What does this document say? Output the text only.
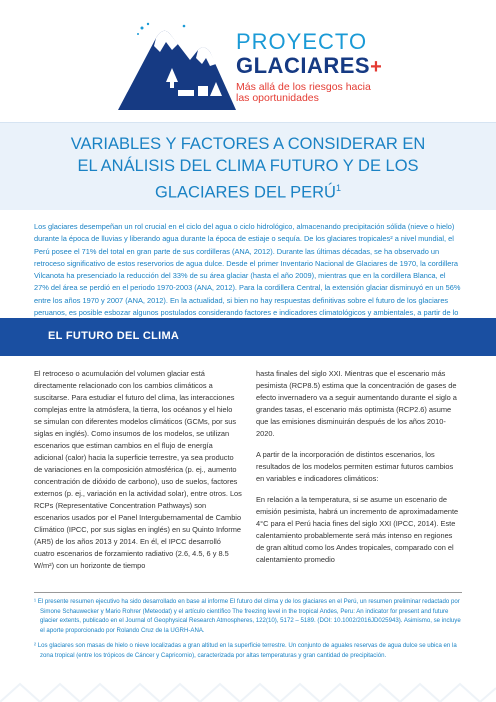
PROYECTO
GLACIARES+
Más allá de los riesgos hacia
las oportunidades
VARIABLES Y FACTORES A CONSIDERAR EN
EL ANÁLISIS DEL CLIMA FUTURO Y DE LOS
GLACIARES DEL PERÚ$^1$
Los glaciares desempeñan un rol crucial en el ciclo del agua o ciclo hidrológico, almacenando precipitación sólida (nieve o hielo) durante la época de lluvias y liberando agua durante la época de estiaje o sequía. De los glaciares tropicales² a nivel mundial, el Perú posee el 71% del total en gran parte de sus cordilleras (ANA, 2012). Durante las últimas décadas, se ha observado un retroceso significativo de estos reservorios de agua dulce. Desde el primer Inventario Nacional de Glaciares de 1970, la cordillera Vilcanota ha presenciado la reducción del 33% de su área glaciar (hasta el año 2009), mientras que en la cordillera Blanca, el 27% del área se perdió en el periodo 1970-2003 (ANA, 2012). Para la cordillera Central, la extensión glaciar disminuyó en un 56% entre los años 1970 y 2007 (ANA, 2012). En la actualidad, si bien no hay respuestas definitivas sobre el futuro de los glaciares peruanos, es posible esbozar algunos postulados considerando factores e indicadores climatológicos y ambientales, a partir de lo
EL FUTURO DEL CLIMA

El retroceso o acumulación del volumen glaciar está directamente relacionado con los cambios climáticos a suscitarse. Para estudiar el futuro del clima, las interacciones complejas entre la atmósfera, la tierra, los océanos y el hielo se simulan con diferentes modelos climáticos (GCMs, por sus siglas en inglés). Como insumos de los modelos, se utilizan escenarios que estiman cambios en el flujo de energía adicional (calor) hacia la superficie terrestre, ya sea producto de variaciones en la composición atmosférica (p. ej., aumento concentración de dióxido de carbono), uso de suelos, factores externos (p. ej., variación en la actividad solar), entre otros. Los RCPs (Representative Concentration Pathways) son escenarios usados por el Panel Intergubernamental de Cambio Climático (IPCC, por sus siglas en inglés) en su Quinto Informe (AR5) de los años 2013 y 2014. En él, el IPCC desarrolló cuatro escenarios de forzamiento radiativo (2.6, 4.5, 6 y 8.5 W/m²) con un horizonte de tiempo

hasta finales del siglo XXI. Mientras que el escenario más pesimista (RCP8.5) estima que la concentración de gases de efecto invernadero va a seguir aumentando durante el siglo a grandes tasas, el escenario más optimista (RCP2.6) asume que las emisiones disminuirán después de los años 2010-2020.

A partir de la incorporación de distintos escenarios, los resultados de los modelos permiten estimar futuros cambios en variables e indicadores climáticos:

En relación a la temperatura, si se asume un escenario de emisión pesimista, habrá un incremento de aproximadamente 4°C para el Perú hacia fines del siglo XXI (IPCC, 2014). Este calentamiento probablemente será más intenso en regiones de gran altitud como los Andes tropicales, comparado con el calentamiento promedio

¹ El presente resumen ejecutivo ha sido desarrollado en base al informe El futuro del clima y de los glaciares en el Perú, un resumen preliminar redactado por Simone Schauwecker y Mario Rohrer (Meteodat) y el artículo científico The freezing level in the tropical Andes, Peru: An indicator for present and future glacier extents, publicado en el Journal of Geophysical Research Atmospheres, 122(10), 5172 – 5189. (DOI: 10.1002/2016JD025943). Asimismo, se incluye el aporte proporcionado por Rolando Cruz de la UGRH-ANA.

² Los glaciares son masas de hielo o nieve localizadas a gran altitud en la superficie terrestre. Un conjunto de aguales reservas de agua dulce se ubica en la zona tropical (entre los trópicos de Cáncer y Capricornio), caracterizada por altas temperaturas y gran cantidad de precipitación.
